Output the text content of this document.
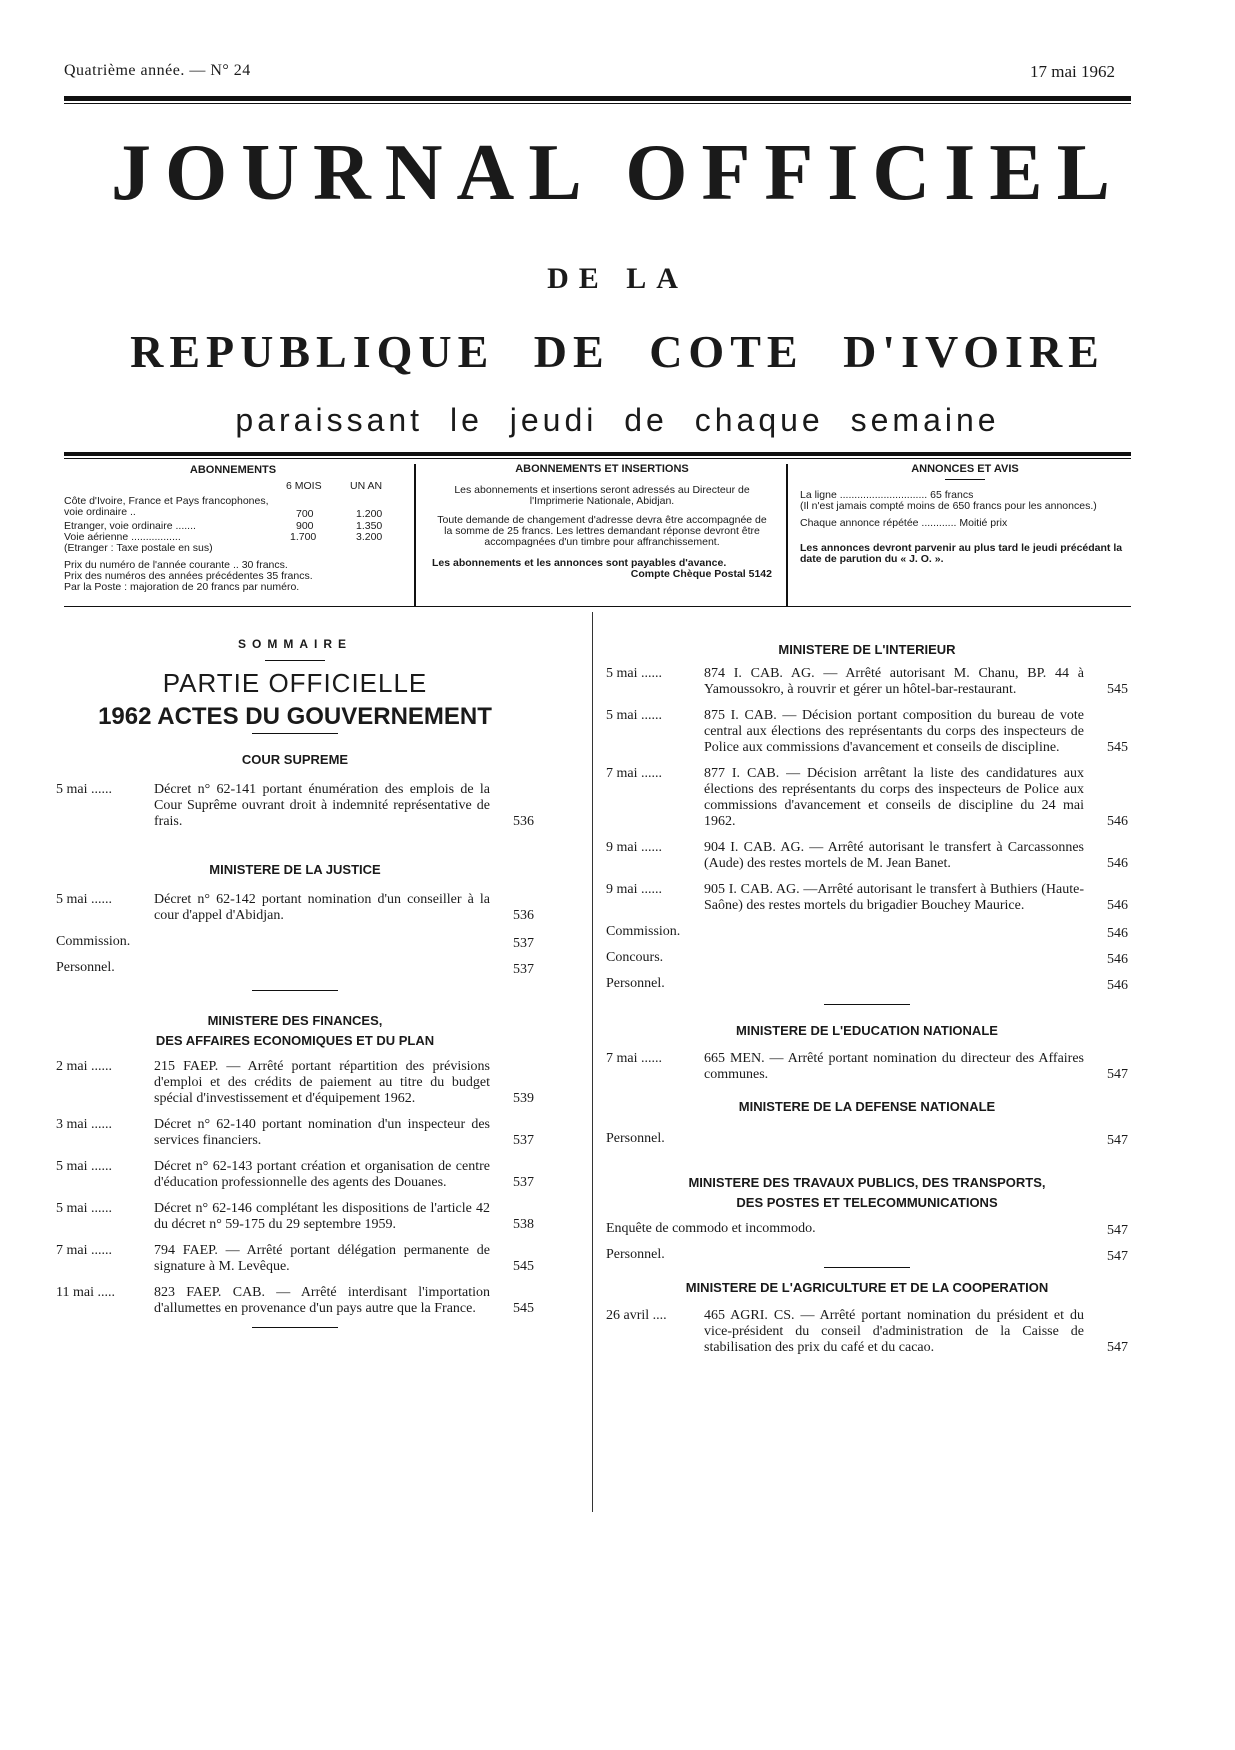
Quatrième année. — N° 24	17 mai 1962
JOURNAL OFFICIEL
DE LA
REPUBLIQUE DE COTE D'IVOIRE
paraissant le jeudi de chaque semaine
ABONNEMENTS
6 MOIS	UN AN
Côte d'Ivoire, France et Pays francophones, voie ordinaire ..	700	1.200
Etranger, voie ordinaire .......	900	1.350
Voie aérienne .................	1.700	3.200
(Etranger : Taxe postale en sus)
Prix du numéro de l'année courante .. 30 francs.
Prix des numéros des années précédentes 35 francs.
Par la Poste : majoration de 20 francs par numéro.
ABONNEMENTS ET INSERTIONS
Les abonnements et insertions seront adressés au Directeur de l'Imprimerie Nationale, Abidjan.
Toute demande de changement d'adresse devra être accompagnée de la somme de 25 francs. Les lettres demandant réponse devront être accompagnées d'un timbre pour affranchissement.
Les abonnements et les annonces sont payables d'avance.
Compte Chèque Postal 5142
ANNONCES ET AVIS
La ligne .............................. 65 francs
(Il n'est jamais compté moins de 650 francs pour les annonces.)
Chaque annonce répétée ............ Moitié prix
Les annonces devront parvenir au plus tard le jeudi précédant la date de parution du « J. O. ».
SOMMAIRE
PARTIE OFFICIELLE
1962 ACTES DU GOUVERNEMENT
COUR SUPREME
5 mai ......	Décret n° 62-141 portant énumération des emplois de la Cour Suprême ouvrant droit à indemnité représentative de frais.	536
MINISTERE DE LA JUSTICE
5 mai ......	Décret n° 62-142 portant nomination d'un conseiller à la cour d'appel d'Abidjan.	536
Commission.	537
Personnel.	537
MINISTERE DES FINANCES,
DES AFFAIRES ECONOMIQUES ET DU PLAN
2 mai ......	215 FAEP. — Arrêté portant répartition des prévisions d'emploi et des crédits de paiement au titre du budget spécial d'investissement et d'équipement 1962.	539
3 mai ......	Décret n° 62-140 portant nomination d'un inspecteur des services financiers.	537
5 mai ......	Décret n° 62-143 portant création et organisation de centre d'éducation professionnelle des agents des Douanes.	537
5 mai ......	Décret n° 62-146 complétant les dispositions de l'article 42 du décret n° 59-175 du 29 septembre 1959.	538
7 mai ......	794 FAEP. — Arrêté portant délégation permanente de signature à M. Levêque.	545
11 mai .....	823 FAEP. CAB. — Arrêté interdisant l'importation d'allumettes en provenance d'un pays autre que la France.	545
MINISTERE DE L'INTERIEUR
5 mai ......	874 I. CAB. AG. — Arrêté autorisant M. Chanu, BP. 44 à Yamoussokro, à rouvrir et gérer un hôtel-bar-restaurant.	545
5 mai ......	875 I. CAB. — Décision portant composition du bureau de vote central aux élections des représentants du corps des inspecteurs de Police aux commissions d'avancement et conseils de discipline.	545
7 mai ......	877 I. CAB. — Décision arrêtant la liste des candidatures aux élections des représentants du corps des inspecteurs de Police aux commissions d'avancement et conseils de discipline du 24 mai 1962.	546
9 mai ......	904 I. CAB. AG. — Arrêté autorisant le transfert à Carcassonnes (Aude) des restes mortels de M. Jean Banet.	546
9 mai ......	905 I. CAB. AG. —Arrêté autorisant le transfert à Buthiers (Haute-Saône) des restes mortels du brigadier Bouchey Maurice.	546
Commission.	546
Concours.	546
Personnel.	546
MINISTERE DE L'EDUCATION NATIONALE
7 mai ......	665 MEN. — Arrêté portant nomination du directeur des Affaires communes.	547
MINISTERE DE LA DEFENSE NATIONALE
Personnel.	547
MINISTERE DES TRAVAUX PUBLICS, DES TRANSPORTS,
DES POSTES ET TELECOMMUNICATIONS
Enquête de commodo et incommodo.	547
Personnel.	547
MINISTERE DE L'AGRICULTURE ET DE LA COOPERATION
26 avril ....	465 AGRI. CS. — Arrêté portant nomination du président et du vice-président du conseil d'administration de la Caisse de stabilisation des prix du café et du cacao.	547
